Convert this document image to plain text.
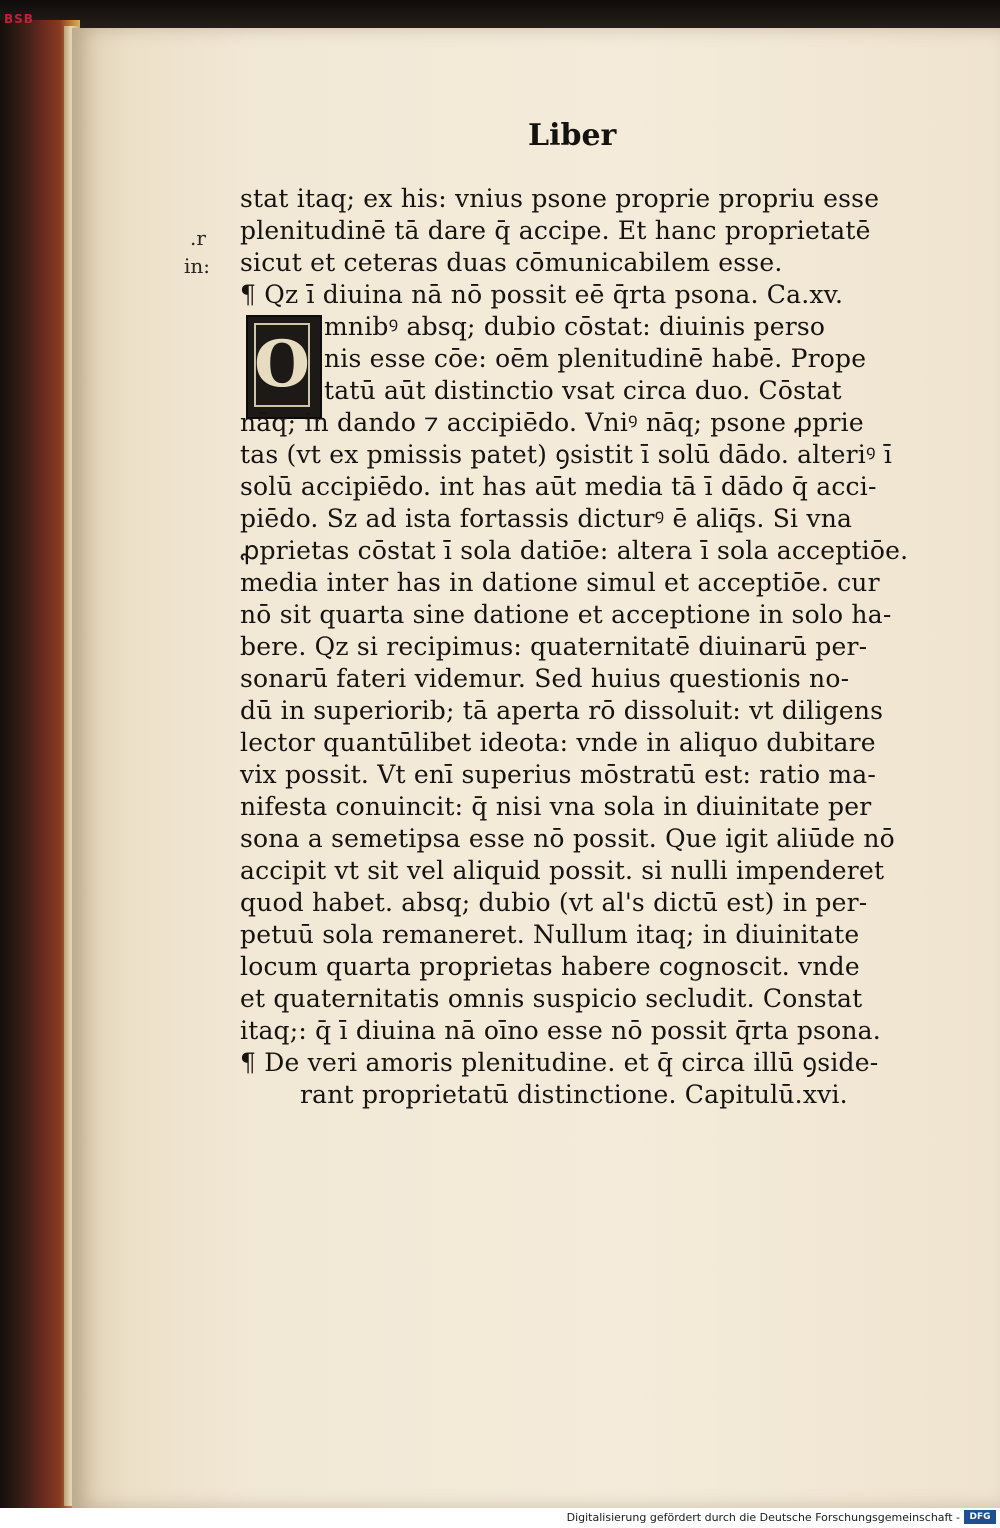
BSB
Liber
.r
in:
O
stat itaq; ex his: vnius psone proprie propriu esse
plenitudinē tā dare q̄ accipe. Et hanc proprietatē
sicut et ceteras duas cōmunicabilem esse.
¶ Qz ī diuina nā nō possit eē q̄rta psona. Ca.xv.
mnibꝰ absq; dubio cōstat: diuinis perso
nis esse cōe: oēm plenitudinē habē. Prope
tatū aūt distinctio vsat circa duo. Cōstat
nāq; in dando ⁊ accipiēdo. Vniꝰ nāq; psone ꝓprie
tas (vt ex pmissis patet) ꝯsistit ī solū dādo. alteriꝰ ī
solū accipiēdo. int has aūt media tā ī dādo q̄ acci-
piēdo. Sz ad ista fortassis dicturꝰ ē aliq̄s. Si vna
ꝓprietas cōstat ī sola datiōe: altera ī sola acceptiōe.
media inter has in datione simul et acceptiōe. cur
nō sit quarta sine datione et acceptione in solo ha-
bere. Qz si recipimus: quaternitatē diuinarū per-
sonarū fateri videmur. Sed huius questionis no-
dū in superiorib; tā aperta rō dissoluit: vt diligens
lector quantūlibet ideota: vnde in aliquo dubitare
vix possit. Vt enī superius mōstratū est: ratio ma-
nifesta conuincit: q̄ nisi vna sola in diuinitate per
sona a semetipsa esse nō possit. Que igit aliūde nō
accipit vt sit vel aliquid possit. si nulli impenderet
quod habet. absq; dubio (vt al's dictū est) in per-
petuū sola remaneret. Nullum itaq; in diuinitate
locum quarta proprietas habere cognoscit. vnde
et quaternitatis omnis suspicio secludit. Constat
itaq;: q̄ ī diuina nā oīno esse nō possit q̄rta psona.
¶ De veri amoris plenitudine. et q̄ circa illū ꝯside-
rant proprietatū distinctione. Capitulū.xvi.
Digitalisierung gefördert durch die Deutsche Forschungsgemeinschaft -	DFG
